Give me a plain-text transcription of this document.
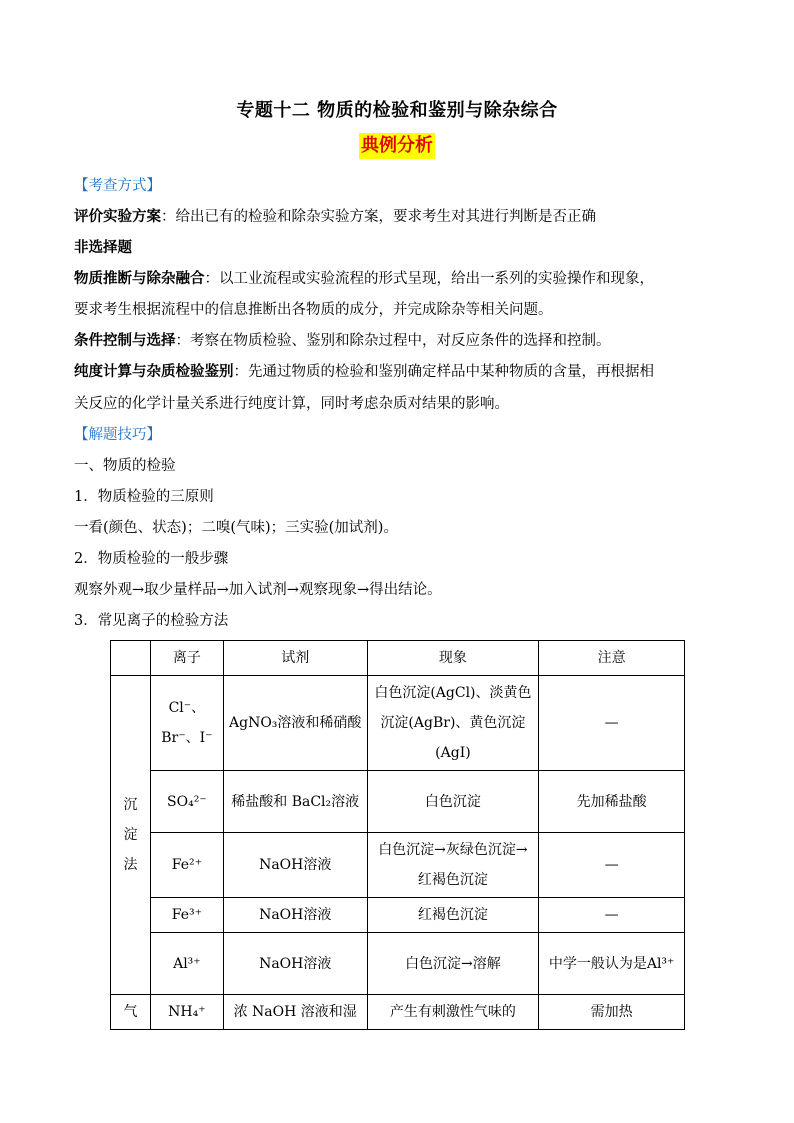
专题十二 物质的检验和鉴别与除杂综合
典例分析
【考查方式】
评价实验方案：给出已有的检验和除杂实验方案，要求考生对其进行判断是否正确
非选择题
物质推断与除杂融合：以工业流程或实验流程的形式呈现，给出一系列的实验操作和现象，
要求考生根据流程中的信息推断出各物质的成分，并完成除杂等相关问题。
条件控制与选择：考察在物质检验、鉴别和除杂过程中，对反应条件的选择和控制。
纯度计算与杂质检验鉴别：先通过物质的检验和鉴别确定样品中某种物质的含量，再根据相
关反应的化学计量关系进行纯度计算，同时考虑杂质对结果的影响。
【解题技巧】
一、物质的检验
1．物质检验的三原则
一看(颜色、状态)；二嗅(气味)；三实验(加试剂)。
2．物质检验的一般步骤
观察外观→取少量样品→加入试剂→观察现象→得出结论。
3．常见离子的检验方法
	离子	试剂	现象	注意
沉淀法	Cl⁻、Br⁻、I⁻	AgNO₃溶液和稀硝酸	白色沉淀(AgCl)、淡黄色沉淀(AgBr)、黄色沉淀(AgI)	—
	SO₄²⁻	稀盐酸和 BaCl₂溶液	白色沉淀	先加稀盐酸
	Fe²⁺	NaOH溶液	白色沉淀→灰绿色沉淀→红褐色沉淀	—
	Fe³⁺	NaOH溶液	红褐色沉淀	—
	Al³⁺	NaOH溶液	白色沉淀→溶解	中学一般认为是Al³⁺
气	NH₄⁺	浓 NaOH 溶液和湿	产生有刺激性气味的	需加热
